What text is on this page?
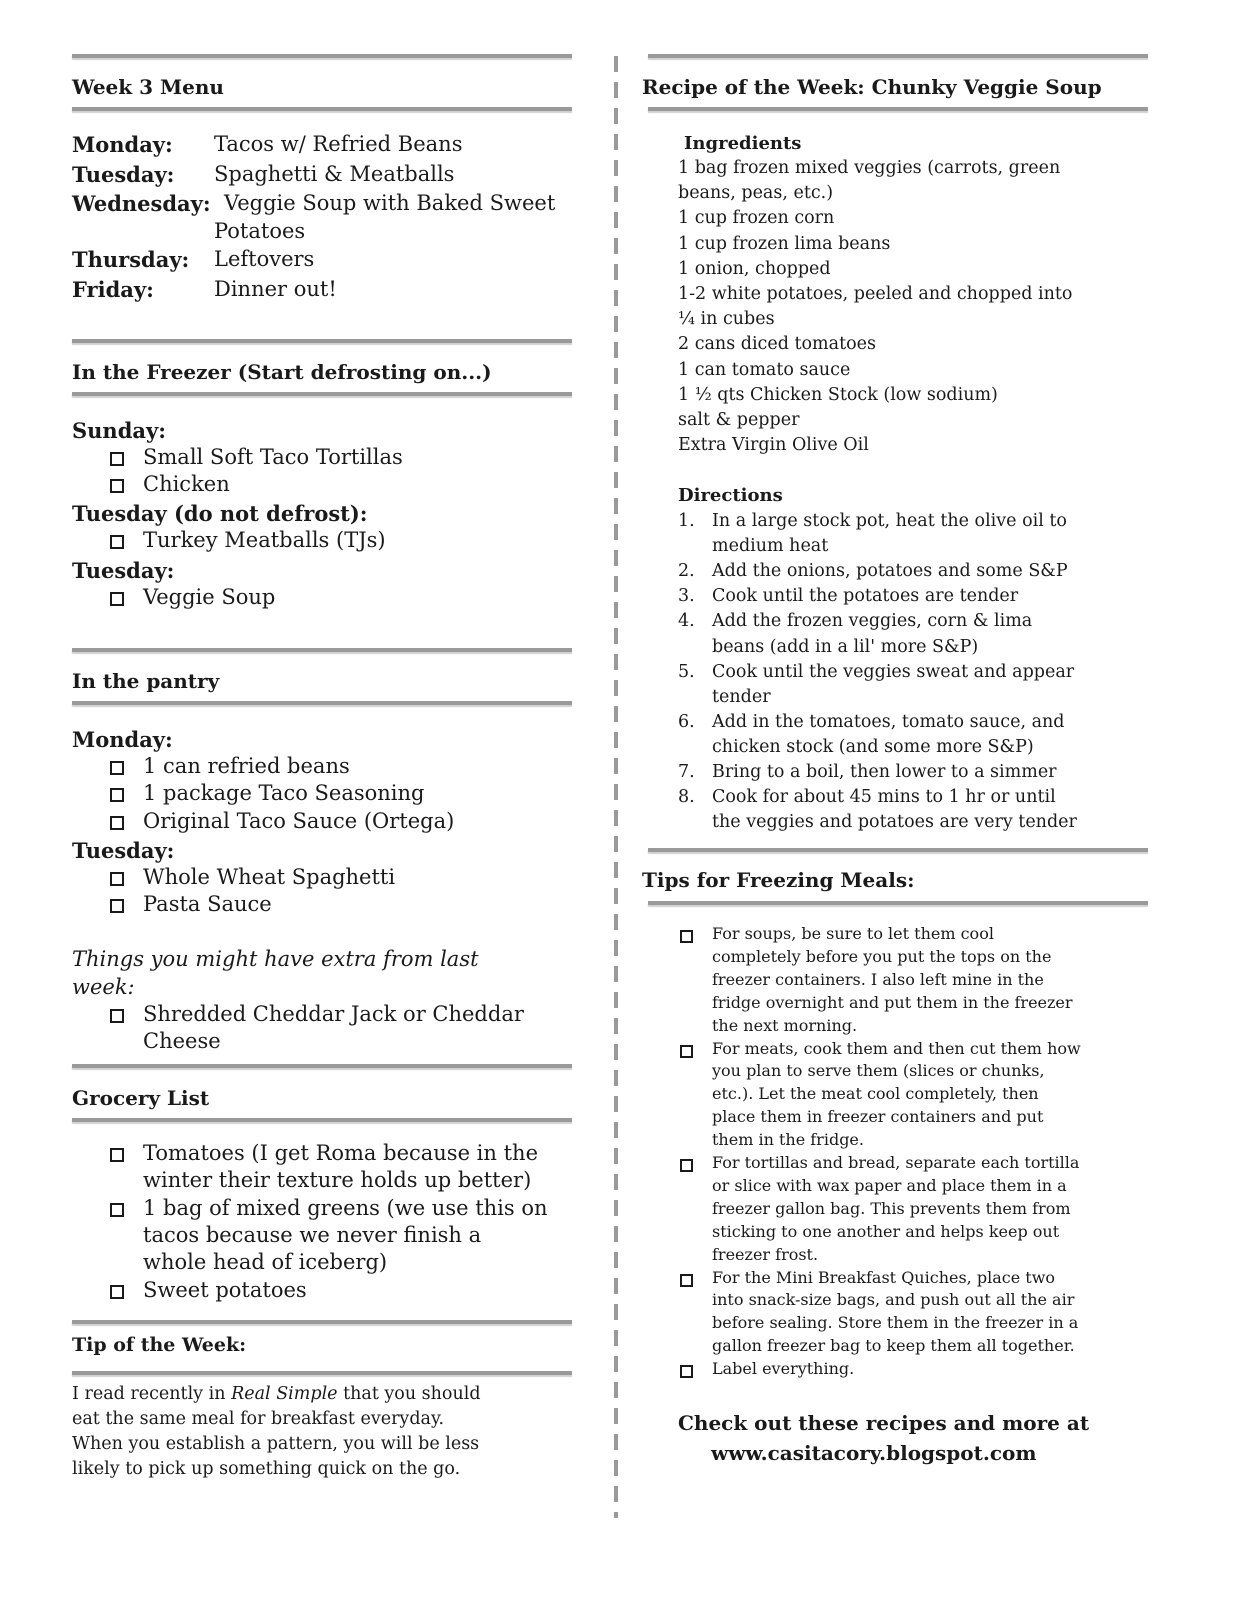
Week 3 Menu
Monday: Tacos w/ Refried Beans
Tuesday: Spaghetti & Meatballs
Wednesday: Veggie Soup with Baked Sweet
Potatoes
Thursday: Leftovers
Friday:	Dinner out!
In the Freezer (Start defrosting on...)
Sunday:
Small Soft Taco Tortillas
Chicken
Tuesday (do not defrost):
Turkey Meatballs (TJs)
Tuesday:
Veggie Soup
In the pantry
Monday:
1 can refried beans
1 package Taco Seasoning
Original Taco Sauce (Ortega)
Tuesday:
Whole Wheat Spaghetti
Pasta Sauce
Things you might have extra from last
week:
Shredded Cheddar Jack or Cheddar
Cheese
Grocery List
Tomatoes (I get Roma because in the
winter their texture holds up better)
1 bag of mixed greens (we use this on
tacos because we never finish a
whole head of iceberg)
Sweet potatoes
Tip of the Week:
I read recently in Real Simple that you should
eat the same meal for breakfast everyday.
When you establish a pattern, you will be less
likely to pick up something quick on the go.
Recipe of the Week: Chunky Veggie Soup
Ingredients
1 bag frozen mixed veggies (carrots, green
beans, peas, etc.)
1 cup frozen corn
1 cup frozen lima beans
1 onion, chopped
1-2 white potatoes, peeled and chopped into
¼ in cubes
2 cans diced tomatoes
1 can tomato sauce
1 ½ qts Chicken Stock (low sodium)
salt & pepper
Extra Virgin Olive Oil
Directions
1. In a large stock pot, heat the olive oil to
medium heat
2. Add the onions, potatoes and some S&P
3. Cook until the potatoes are tender
4. Add the frozen veggies, corn & lima
beans (add in a lil' more S&P)
5. Cook until the veggies sweat and appear
tender
6. Add in the tomatoes, tomato sauce, and
chicken stock (and some more S&P)
7. Bring to a boil, then lower to a simmer
8. Cook for about 45 mins to 1 hr or until
the veggies and potatoes are very tender
Tips for Freezing Meals:
For soups, be sure to let them cool
completely before you put the tops on the
freezer containers. I also left mine in the
fridge overnight and put them in the freezer
the next morning.
For meats, cook them and then cut them how
you plan to serve them (slices or chunks,
etc.). Let the meat cool completely, then
place them in freezer containers and put
them in the fridge.
For tortillas and bread, separate each tortilla
or slice with wax paper and place them in a
freezer gallon bag. This prevents them from
sticking to one another and helps keep out
freezer frost.
For the Mini Breakfast Quiches, place two
into snack-size bags, and push out all the air
before sealing. Store them in the freezer in a
gallon freezer bag to keep them all together.
Label everything.
Check out these recipes and more at
www.casitacory.blogspot.com
